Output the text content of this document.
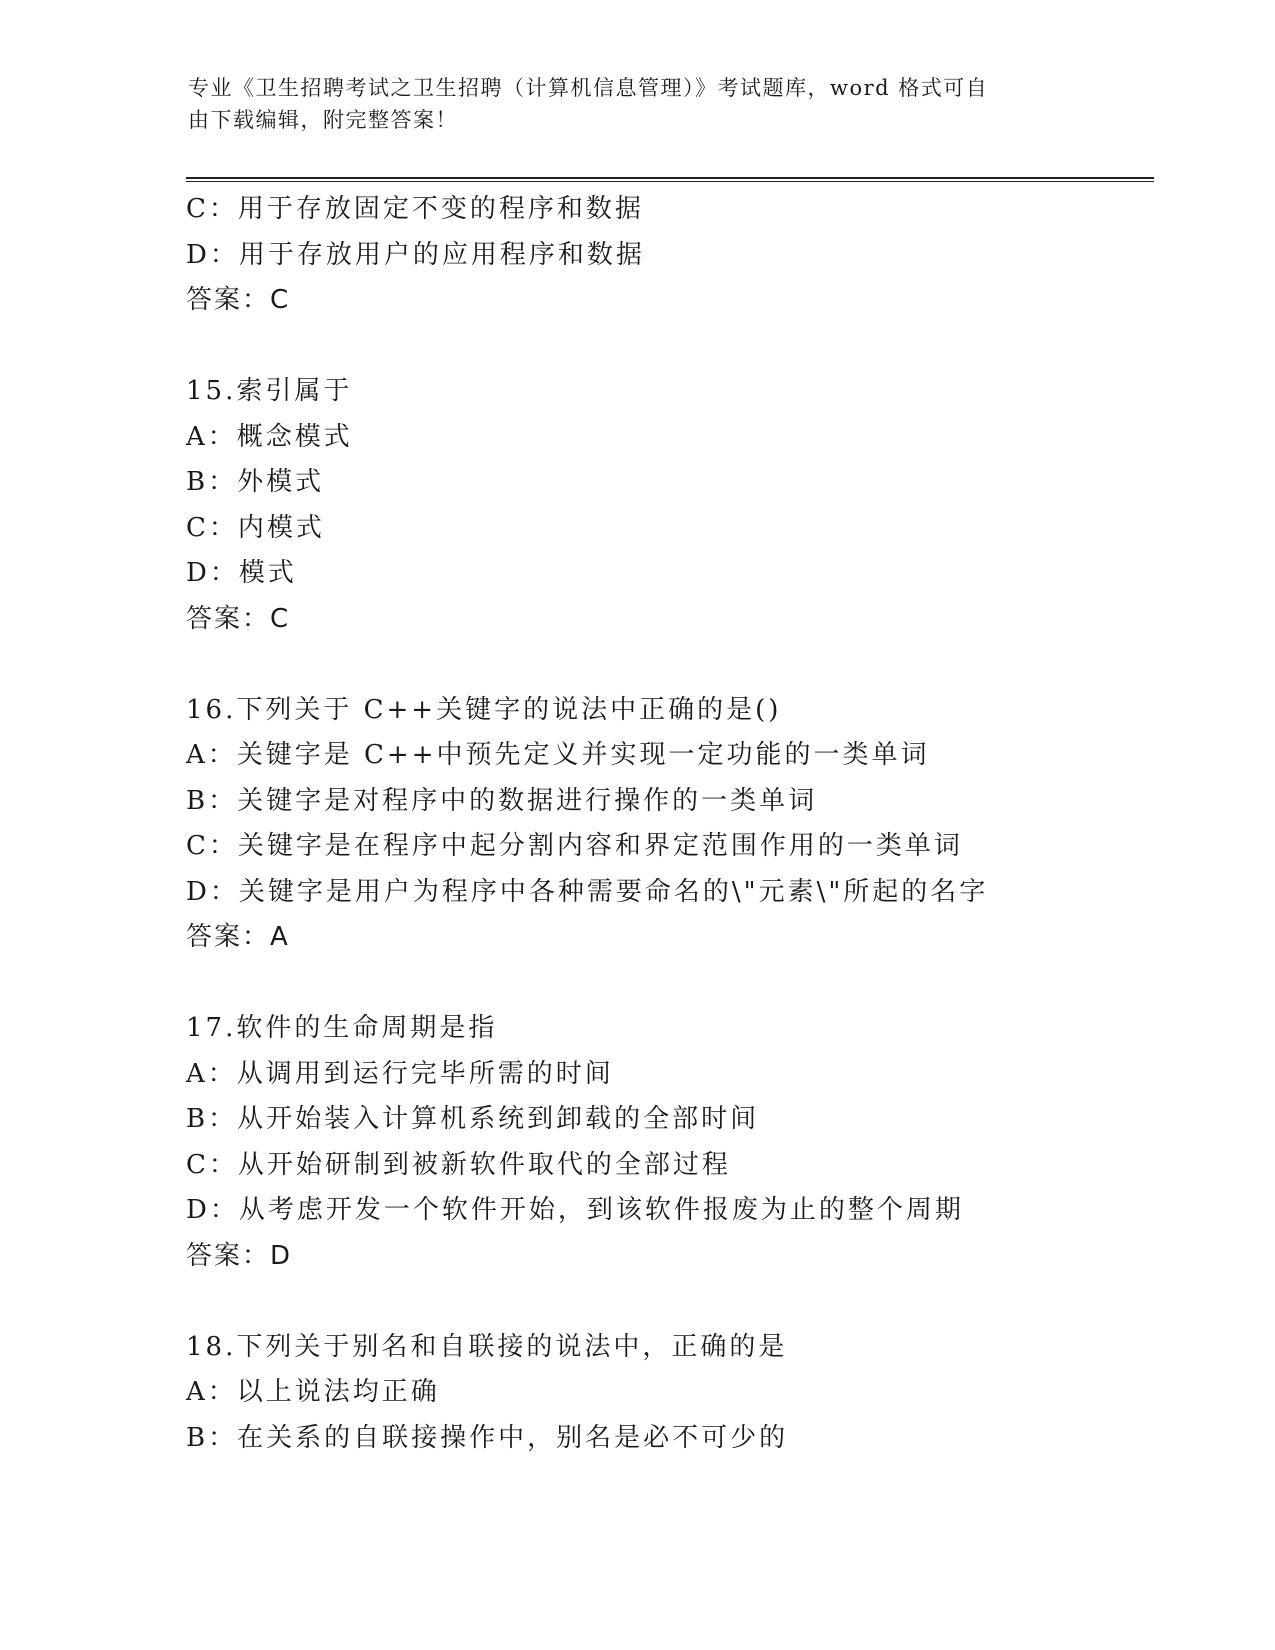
专业《卫生招聘考试之卫生招聘（计算机信息管理）》考试题库，word 格式可自
由下载编辑，附完整答案！
C：用于存放固定不变的程序和数据
D：用于存放用户的应用程序和数据
答案：C
15.索引属于
A：概念模式
B：外模式
C：内模式
D：模式
答案：C
16.下列关于 C++关键字的说法中正确的是()
A：关键字是 C++中预先定义并实现一定功能的一类单词
B：关键字是对程序中的数据进行操作的一类单词
C：关键字是在程序中起分割内容和界定范围作用的一类单词
D：关键字是用户为程序中各种需要命名的\"元素\"所起的名字
答案：A
17.软件的生命周期是指
A：从调用到运行完毕所需的时间
B：从开始装入计算机系统到卸载的全部时间
C：从开始研制到被新软件取代的全部过程
D：从考虑开发一个软件开始，到该软件报废为止的整个周期
答案：D
18.下列关于别名和自联接的说法中，正确的是
A：以上说法均正确
B：在关系的自联接操作中，别名是必不可少的
